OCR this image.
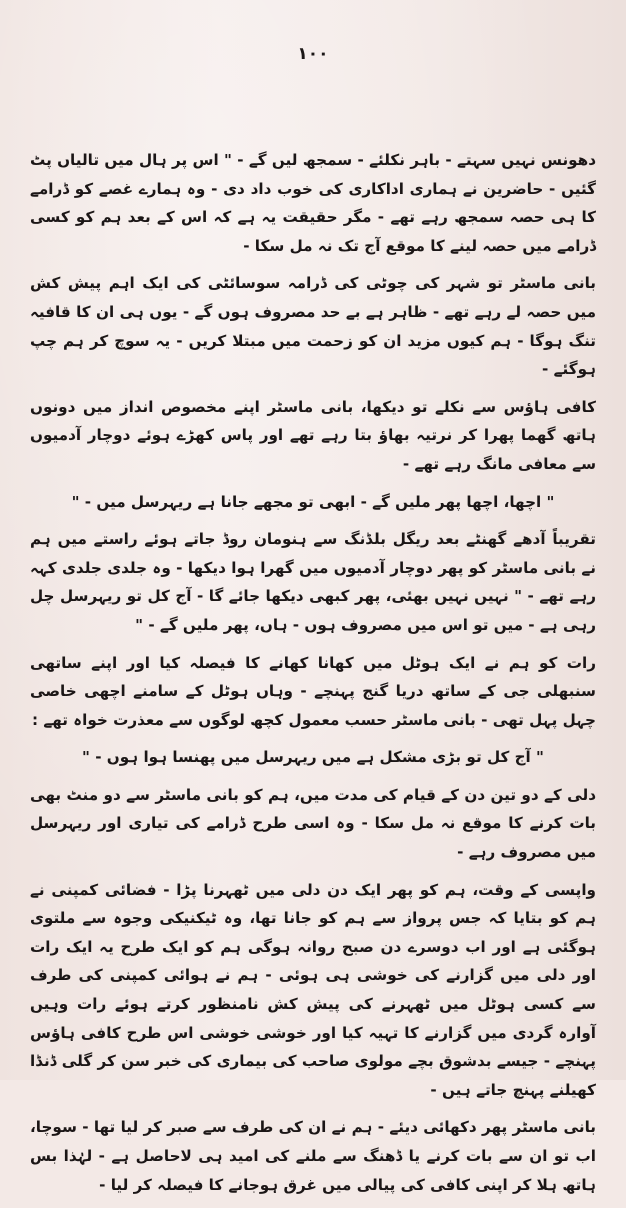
۱۰۰

دھونس نہیں سہتے - باہر نکلئے - سمجھ لیں گے - " اس پر ہال میں تالیاں پٹ گئیں - حاضرین نے ہماری اداکاری کی خوب داد دی - وہ ہمارے غصے کو ڈرامے کا ہی حصہ سمجھ رہے تھے - مگر حقیقت یہ ہے کہ اس کے بعد ہم کو کسی ڈرامے میں حصہ لینے کا موقع آج تک نہ مل سکا -

بانی ماسٹر تو شہر کی چوٹی کی ڈرامہ سوسائٹی کی ایک اہم پیش کش میں حصہ لے رہے تھے - ظاہر ہے بے حد مصروف ہوں گے - یوں ہی ان کا قافیہ تنگ ہوگا - ہم کیوں مزید ان کو زحمت میں مبتلا کریں - یہ سوچ کر ہم چپ ہوگئے -

کافی ہاؤس سے نکلے تو دیکھا، بانی ماسٹر اپنے مخصوص انداز میں دونوں ہاتھ گھما پھرا کر نرتیہ بھاؤ بتا رہے تھے اور پاس کھڑے ہوئے دوچار آدمیوں سے معافی مانگ رہے تھے -

" اچھا، اچھا پھر ملیں گے - ابھی تو مجھے جانا ہے ریہرسل میں - "

تقریباً آدھے گھنٹے بعد ریگل بلڈنگ سے ہنومان روڈ جاتے ہوئے راستے میں ہم نے بانی ماسٹر کو پھر دوچار آدمیوں میں گھرا ہوا دیکھا - وہ جلدی جلدی کہہ رہے تھے - " نہیں نہیں بھئی، پھر کبھی دیکھا جائے گا - آج کل تو ریہرسل چل رہی ہے - میں تو اس میں مصروف ہوں - ہاں، پھر ملیں گے - "

رات کو ہم نے ایک ہوٹل میں کھانا کھانے کا فیصلہ کیا اور اپنے ساتھی سنبھلی جی کے ساتھ دریا گنج پہنچے - وہاں ہوٹل کے سامنے اچھی خاصی چہل پہل تھی - بانی ماسٹر حسب معمول کچھ لوگوں سے معذرت خواہ تھے :

" آج کل تو بڑی مشکل ہے میں ریہرسل میں پھنسا ہوا ہوں - "

دلی کے دو تین دن کے قیام کی مدت میں، ہم کو بانی ماسٹر سے دو منٹ بھی بات کرنے کا موقع نہ مل سکا - وہ اسی طرح ڈرامے کی تیاری اور ریہرسل میں مصروف رہے -

واپسی کے وقت، ہم کو پھر ایک دن دلی میں ٹھہرنا پڑا - فضائی کمپنی نے ہم کو بتایا کہ جس پرواز سے ہم کو جانا تھا، وہ ٹیکنیکی وجوہ سے ملتوی ہوگئی ہے اور اب دوسرے دن صبح روانہ ہوگی ہم کو ایک طرح یہ ایک رات اور دلی میں گزارنے کی خوشی ہی ہوئی - ہم نے ہوائی کمپنی کی طرف سے کسی ہوٹل میں ٹھہرنے کی پیش کش نامنظور کرتے ہوئے رات وہیں آوارہ گردی میں گزارنے کا تہیہ کیا اور خوشی خوشی اس طرح کافی ہاؤس پہنچے - جیسے بدشوق بچے مولوی صاحب کی بیماری کی خبر سن کر گلی ڈنڈا کھیلنے پہنچ جاتے ہیں -

بانی ماسٹر پھر دکھائی دیئے - ہم نے ان کی طرف سے صبر کر لیا تھا - سوچا، اب تو ان سے بات کرنے یا ڈھنگ سے ملنے کی امید ہی لاحاصل ہے - لہٰذا بس ہاتھ ہلا کر اپنی کافی کی پیالی میں غرق ہوجانے کا فیصلہ کر لیا -
